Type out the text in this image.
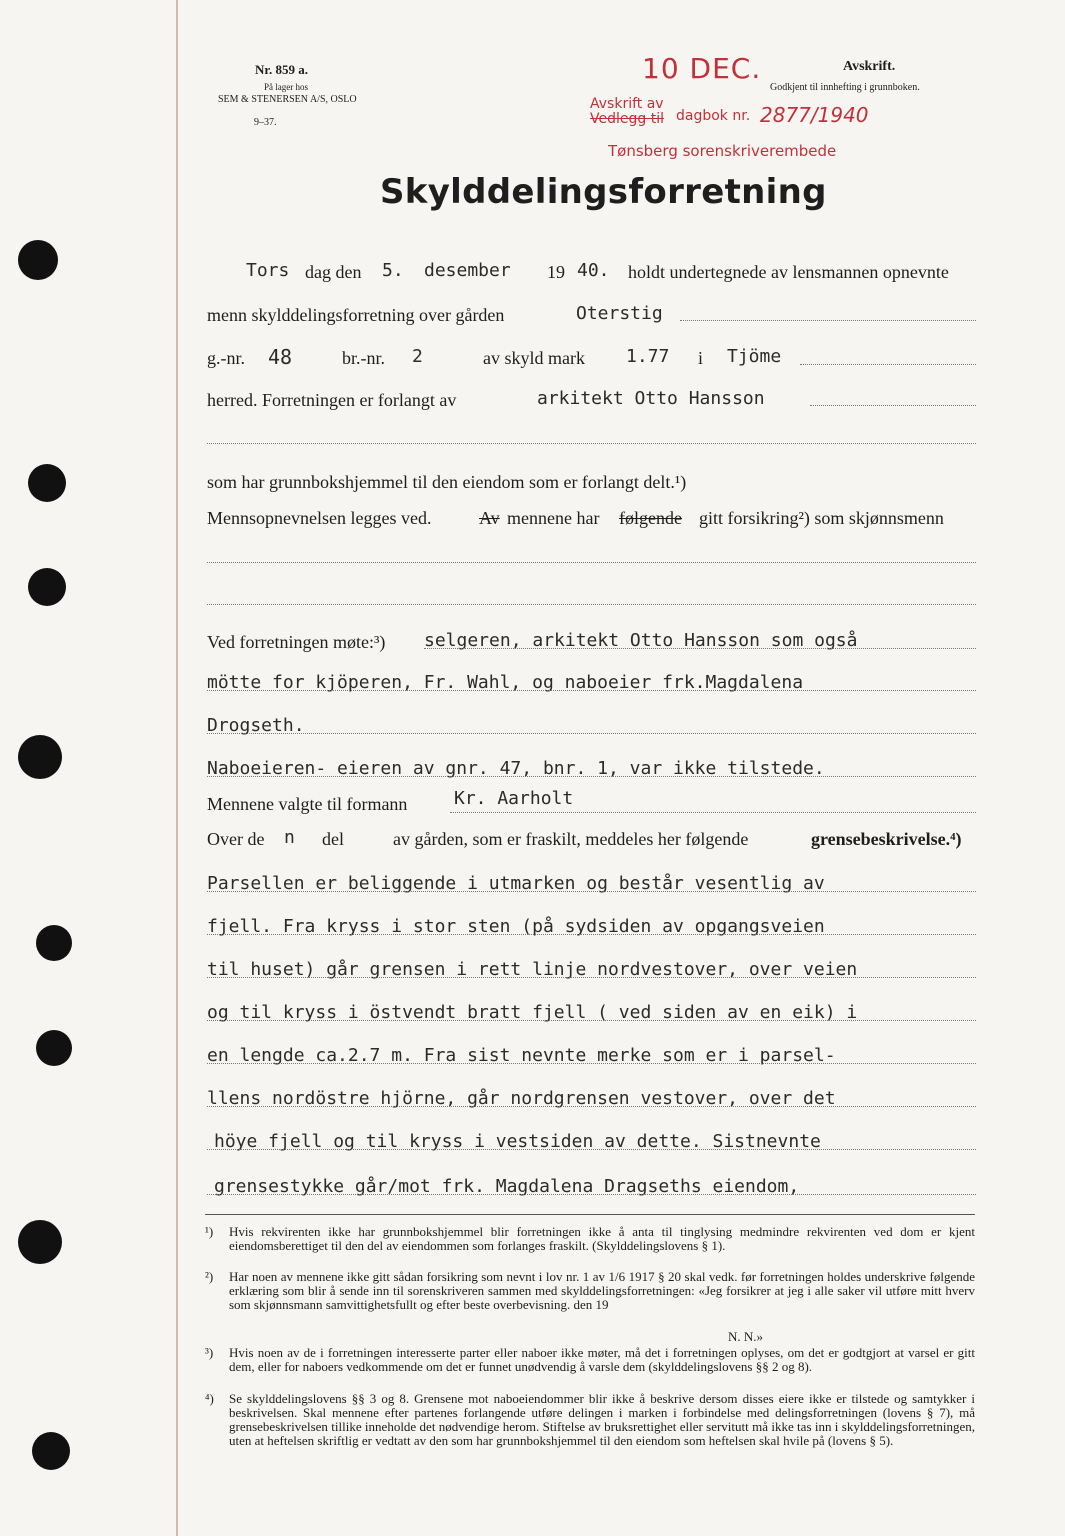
Nr. 859 a.
På lager hos
SEM & STENERSEN A/S, OSLO
9–37.
Avskrift.
Godkjent til innhefting i grunnboken.
10 DEC.
Avskrift av
Vedlegg til dagbok nr. 2877/1940
Tønsberg sorenskriverembede
Skylddelingsforretning
Tors dag den 5. desember 19 40. holdt undertegnede av lensmannen opnevnte
menn skylddelingsforretning over gården	Oterstig
g.-nr. 48	br.-nr. 2	av skyld mark 1.77 i Tjöme
herred. Forretningen er forlangt av	arkitekt Otto Hansson
som har grunnbokshjemmel til den eiendom som er forlangt delt.¹)
Mennsopnevnelsen legges ved.	Av mennene har følgende gitt forsikring²) som skjønnsmenn
Ved forretningen møte:³) selgeren, arkitekt Otto Hansson som også
mötte for kjöperen, Fr. Wahl, og naboeier frk.Magdalena
Drogseth.
Naboeieren- eieren av gnr. 47, bnr. 1, var ikke tilstede.
Mennene valgte til formann	Kr. Aarholt
Over de n del	av gården, som er fraskilt, meddeles her følgende	grensebeskrivelse.⁴)
Parsellen er beliggende i utmarken og består vesentlig av
fjell. Fra kryss i stor sten (på sydsiden av opgangsveien
til huset) går grensen i rett linje nordvestover, over veien
og til kryss i östvendt bratt fjell ( ved siden av en eik) i
en lengde ca.2.7 m. Fra sist nevnte merke som er i parsel-
llens nordöstre hjörne, går nordgrensen vestover, over det
höye fjell og til kryss i vestsiden av dette. Sistnevnte
grensestykke går/mot frk. Magdalena Dragseths eiendom,
¹) Hvis rekvirenten ikke har grunnbokshjemmel blir forretningen ikke å anta til tinglysing medmindre rekvirenten ved dom er kjent eiendomsberettiget til den del av eiendommen som forlanges fraskilt. (Skylddelingslovens § 1).
²) Har noen av mennene ikke gitt sådan forsikring som nevnt i lov nr. 1 av 1/6 1917 § 20 skal vedk. før forretningen holdes underskrive følgende erklæring som blir å sende inn til sorenskriveren sammen med skylddelingsforretningen: «Jeg forsikrer at jeg i alle saker vil utføre mitt hverv som skjønnsmann samvittighetsfullt og efter beste overbevisning. den 19
N. N.»
³) Hvis noen av de i forretningen interesserte parter eller naboer ikke møter, må det i forretningen oplyses, om det er godtgjort at varsel er gitt dem, eller for naboers vedkommende om det er funnet unødvendig å varsle dem (skylddelingslovens §§ 2 og 8).
⁴) Se skylddelingslovens §§ 3 og 8. Grensene mot naboeiendommer blir ikke å beskrive dersom disses eiere ikke er tilstede og samtykker i beskrivelsen. Skal mennene efter partenes forlangende utføre delingen i marken i forbindelse med delingsforretningen (lovens § 7), må grensebeskrivelsen tillike inneholde det nødvendige herom. Stiftelse av bruksrettighet eller servitutt må ikke tas inn i skylddelingsforretningen, uten at heftelsen skriftlig er vedtatt av den som har grunnbokshjemmel til den eiendom som heftelsen skal hvile på (lovens § 5).
